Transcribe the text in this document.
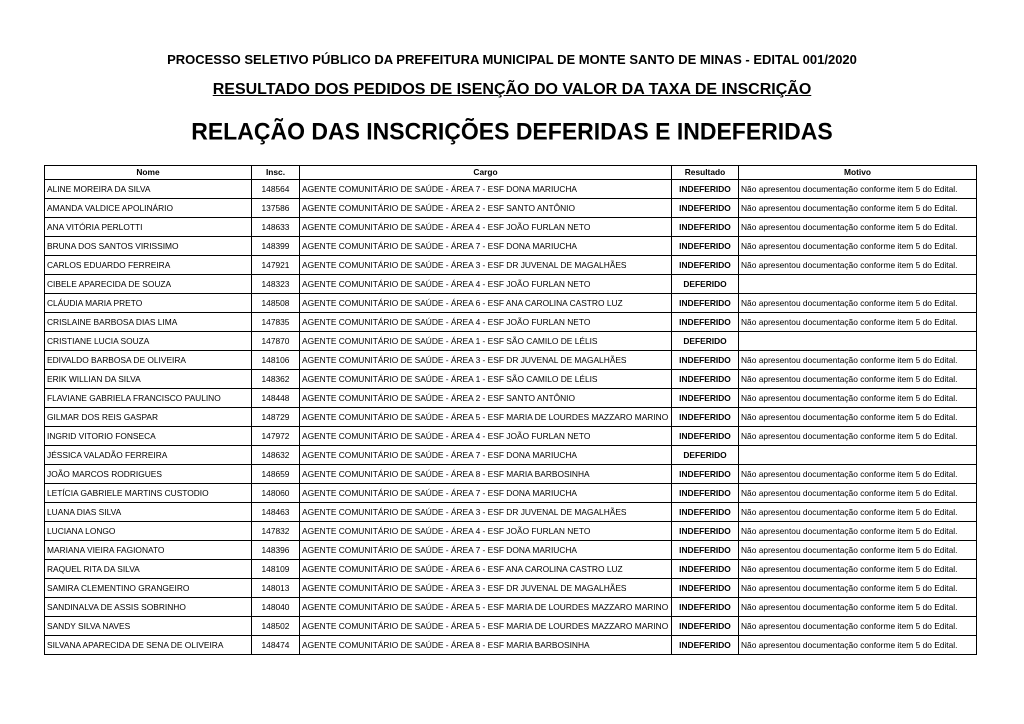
PROCESSO SELETIVO PÚBLICO DA PREFEITURA MUNICIPAL DE MONTE SANTO DE MINAS - EDITAL 001/2020
RESULTADO DOS PEDIDOS DE ISENÇÃO DO VALOR DA TAXA DE INSCRIÇÃO
RELAÇÃO DAS INSCRIÇÕES DEFERIDAS E INDEFERIDAS
Nome	Insc.	Cargo	Resultado	Motivo
ALINE MOREIRA DA SILVA	148564	AGENTE COMUNITÁRIO DE SAÚDE - ÁREA 7 - ESF DONA MARIUCHA	INDEFERIDO	Não apresentou documentação conforme item 5 do Edital.
AMANDA VALDICE APOLINÁRIO	137586	AGENTE COMUNITÁRIO DE SAÚDE - ÁREA 2 - ESF SANTO ANTÔNIO	INDEFERIDO	Não apresentou documentação conforme item 5 do Edital.
ANA VITÓRIA PERLOTTI	148633	AGENTE COMUNITÁRIO DE SAÚDE - ÁREA 4 - ESF JOÃO FURLAN NETO	INDEFERIDO	Não apresentou documentação conforme item 5 do Edital.
BRUNA DOS SANTOS VIRISSIMO	148399	AGENTE COMUNITÁRIO DE SAÚDE - ÁREA 7 - ESF DONA MARIUCHA	INDEFERIDO	Não apresentou documentação conforme item 5 do Edital.
CARLOS EDUARDO FERREIRA	147921	AGENTE COMUNITÁRIO DE SAÚDE - ÁREA 3 - ESF DR JUVENAL DE MAGALHÃES	INDEFERIDO	Não apresentou documentação conforme item 5 do Edital.
CIBELE APARECIDA DE SOUZA	148323	AGENTE COMUNITÁRIO DE SAÚDE - ÁREA 4 - ESF JOÃO FURLAN NETO	DEFERIDO	
CLÁUDIA MARIA PRETO	148508	AGENTE COMUNITÁRIO DE SAÚDE - ÁREA 6 - ESF ANA CAROLINA CASTRO LUZ	INDEFERIDO	Não apresentou documentação conforme item 5 do Edital.
CRISLAINE BARBOSA DIAS LIMA	147835	AGENTE COMUNITÁRIO DE SAÚDE - ÁREA 4 - ESF JOÃO FURLAN NETO	INDEFERIDO	Não apresentou documentação conforme item 5 do Edital.
CRISTIANE LUCIA SOUZA	147870	AGENTE COMUNITÁRIO DE SAÚDE - ÁREA 1 - ESF SÃO CAMILO DE LÉLIS	DEFERIDO	
EDIVALDO BARBOSA DE OLIVEIRA	148106	AGENTE COMUNITÁRIO DE SAÚDE - ÁREA 3 - ESF DR JUVENAL DE MAGALHÃES	INDEFERIDO	Não apresentou documentação conforme item 5 do Edital.
ERIK WILLIAN DA SILVA	148362	AGENTE COMUNITÁRIO DE SAÚDE - ÁREA 1 - ESF SÃO CAMILO DE LÉLIS	INDEFERIDO	Não apresentou documentação conforme item 5 do Edital.
FLAVIANE GABRIELA FRANCISCO PAULINO	148448	AGENTE COMUNITÁRIO DE SAÚDE - ÁREA 2 - ESF SANTO ANTÔNIO	INDEFERIDO	Não apresentou documentação conforme item 5 do Edital.
GILMAR DOS REIS GASPAR	148729	AGENTE COMUNITÁRIO DE SAÚDE - ÁREA 5 - ESF MARIA DE LOURDES MAZZARO MARINO	INDEFERIDO	Não apresentou documentação conforme item 5 do Edital.
INGRID VITORIO FONSECA	147972	AGENTE COMUNITÁRIO DE SAÚDE - ÁREA 4 - ESF JOÃO FURLAN NETO	INDEFERIDO	Não apresentou documentação conforme item 5 do Edital.
JÉSSICA VALADÃO FERREIRA	148632	AGENTE COMUNITÁRIO DE SAÚDE - ÁREA 7 - ESF DONA MARIUCHA	DEFERIDO	
JOÃO MARCOS RODRIGUES	148659	AGENTE COMUNITÁRIO DE SAÚDE - ÁREA 8 - ESF MARIA BARBOSINHA	INDEFERIDO	Não apresentou documentação conforme item 5 do Edital.
LETÍCIA GABRIELE MARTINS CUSTODIO	148060	AGENTE COMUNITÁRIO DE SAÚDE - ÁREA 7 - ESF DONA MARIUCHA	INDEFERIDO	Não apresentou documentação conforme item 5 do Edital.
LUANA DIAS SILVA	148463	AGENTE COMUNITÁRIO DE SAÚDE - ÁREA 3 - ESF DR JUVENAL DE MAGALHÃES	INDEFERIDO	Não apresentou documentação conforme item 5 do Edital.
LUCIANA LONGO	147832	AGENTE COMUNITÁRIO DE SAÚDE - ÁREA 4 - ESF JOÃO FURLAN NETO	INDEFERIDO	Não apresentou documentação conforme item 5 do Edital.
MARIANA VIEIRA FAGIONATO	148396	AGENTE COMUNITÁRIO DE SAÚDE - ÁREA 7 - ESF DONA MARIUCHA	INDEFERIDO	Não apresentou documentação conforme item 5 do Edital.
RAQUEL RITA DA SILVA	148109	AGENTE COMUNITÁRIO DE SAÚDE - ÁREA 6 - ESF ANA CAROLINA CASTRO LUZ	INDEFERIDO	Não apresentou documentação conforme item 5 do Edital.
SAMIRA CLEMENTINO GRANGEIRO	148013	AGENTE COMUNITÁRIO DE SAÚDE - ÁREA 3 - ESF DR JUVENAL DE MAGALHÃES	INDEFERIDO	Não apresentou documentação conforme item 5 do Edital.
SANDINALVA DE ASSIS SOBRINHO	148040	AGENTE COMUNITÁRIO DE SAÚDE - ÁREA 5 - ESF MARIA DE LOURDES MAZZARO MARINO	INDEFERIDO	Não apresentou documentação conforme item 5 do Edital.
SANDY SILVA NAVES	148502	AGENTE COMUNITÁRIO DE SAÚDE - ÁREA 5 - ESF MARIA DE LOURDES MAZZARO MARINO	INDEFERIDO	Não apresentou documentação conforme item 5 do Edital.
SILVANA APARECIDA DE SENA DE OLIVEIRA	148474	AGENTE COMUNITÁRIO DE SAÚDE - ÁREA 8 - ESF MARIA BARBOSINHA	INDEFERIDO	Não apresentou documentação conforme item 5 do Edital.
